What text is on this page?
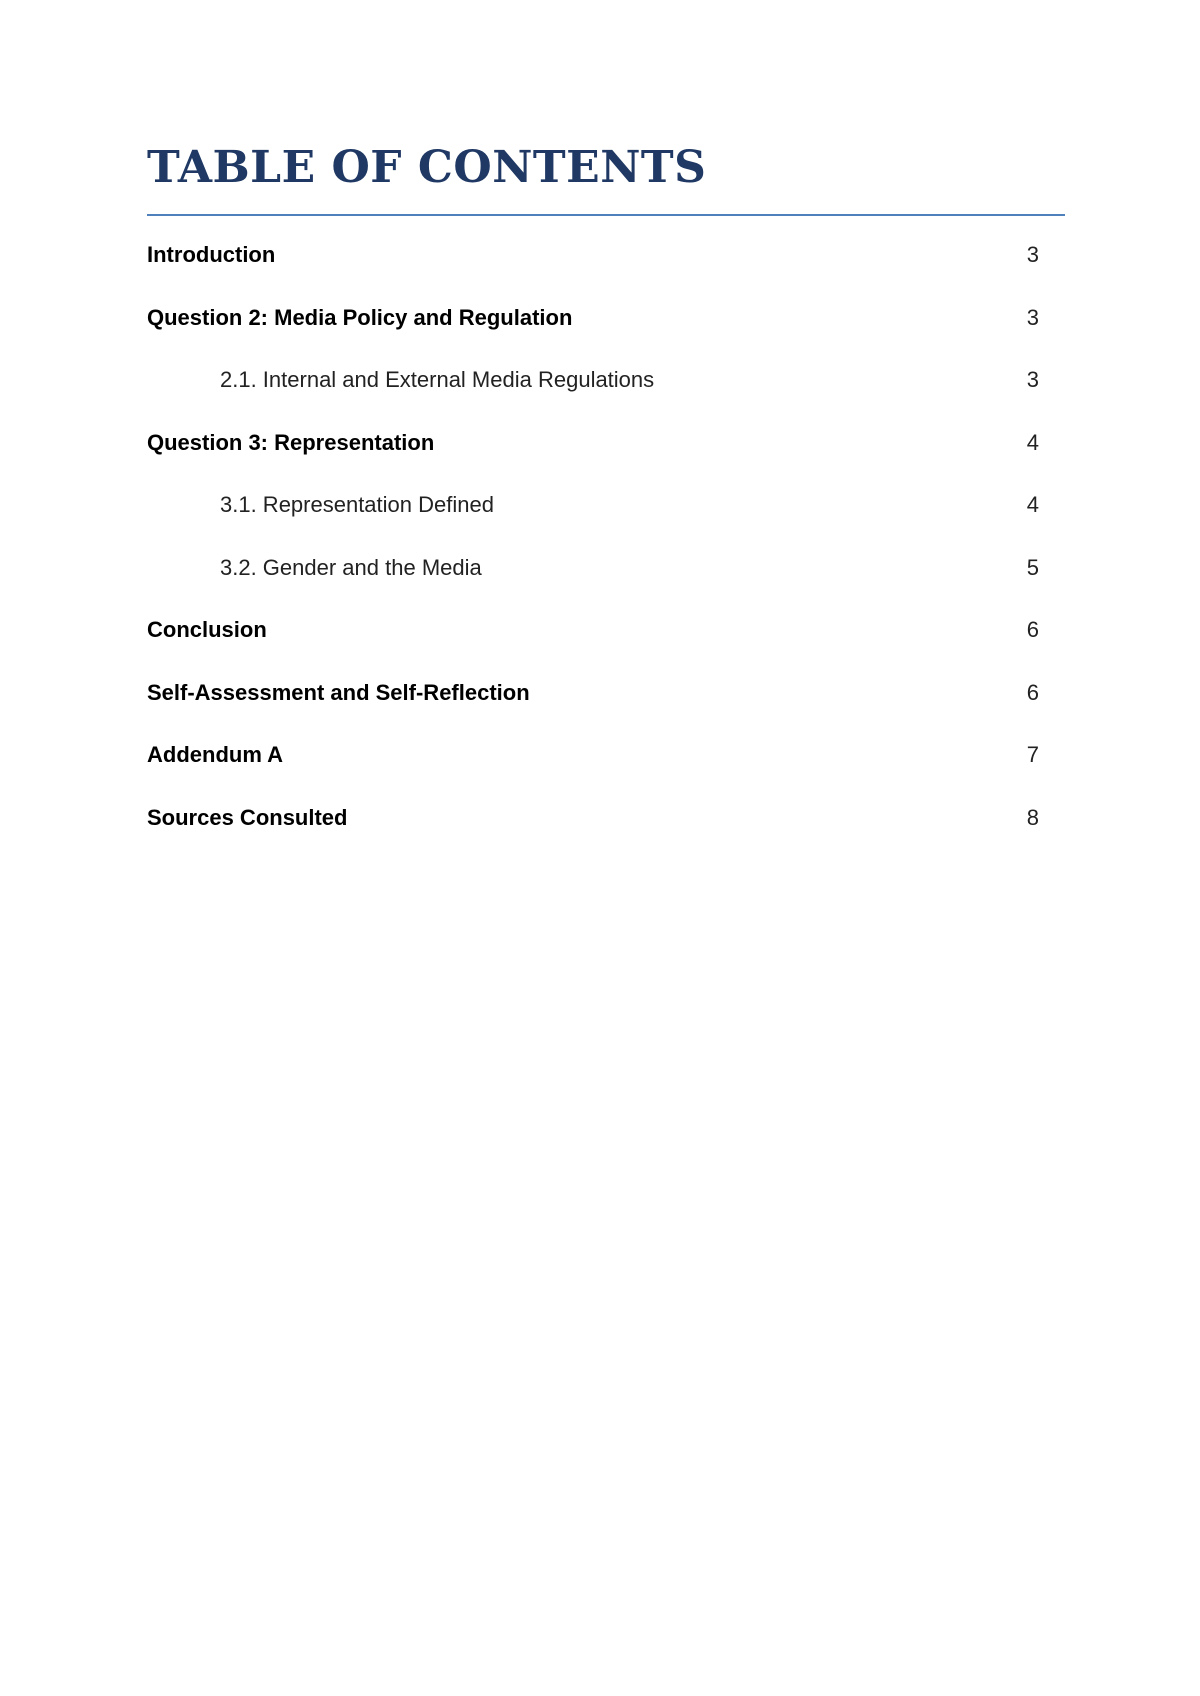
TABLE OF CONTENTS
Introduction	3
Question 2: Media Policy and Regulation	3
2.1. Internal and External Media Regulations	3
Question 3: Representation	4
3.1. Representation Defined	4
3.2. Gender and the Media	5
Conclusion	6
Self-Assessment and Self-Reflection	6
Addendum A	7
Sources Consulted	8
